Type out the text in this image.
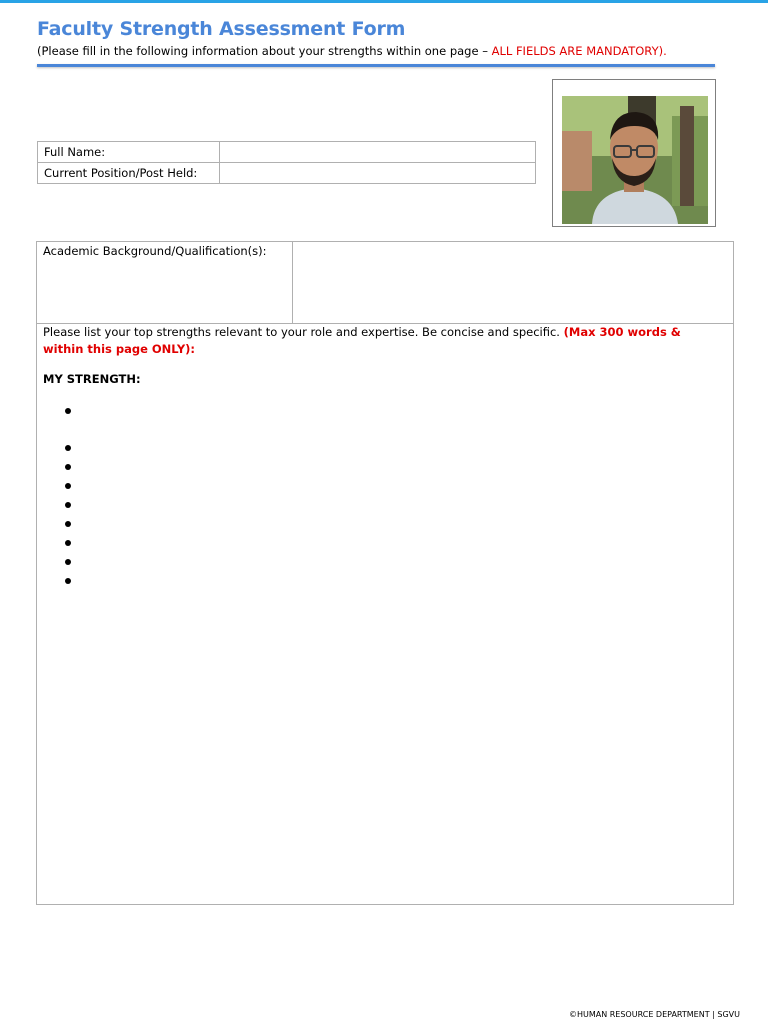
Faculty Strength Assessment Form
(Please fill in the following information about your strengths within one page – ALL FIELDS ARE MANDATORY).
Full Name:	
Current Position/Post Held:	
Academic Background/Qualification(s):
Please list your top strengths relevant to your role and expertise. Be concise and specific. (Max 300 words & within this page ONLY):
MY STRENGTH:
©HUMAN RESOURCE DEPARTMENT | SGVU
